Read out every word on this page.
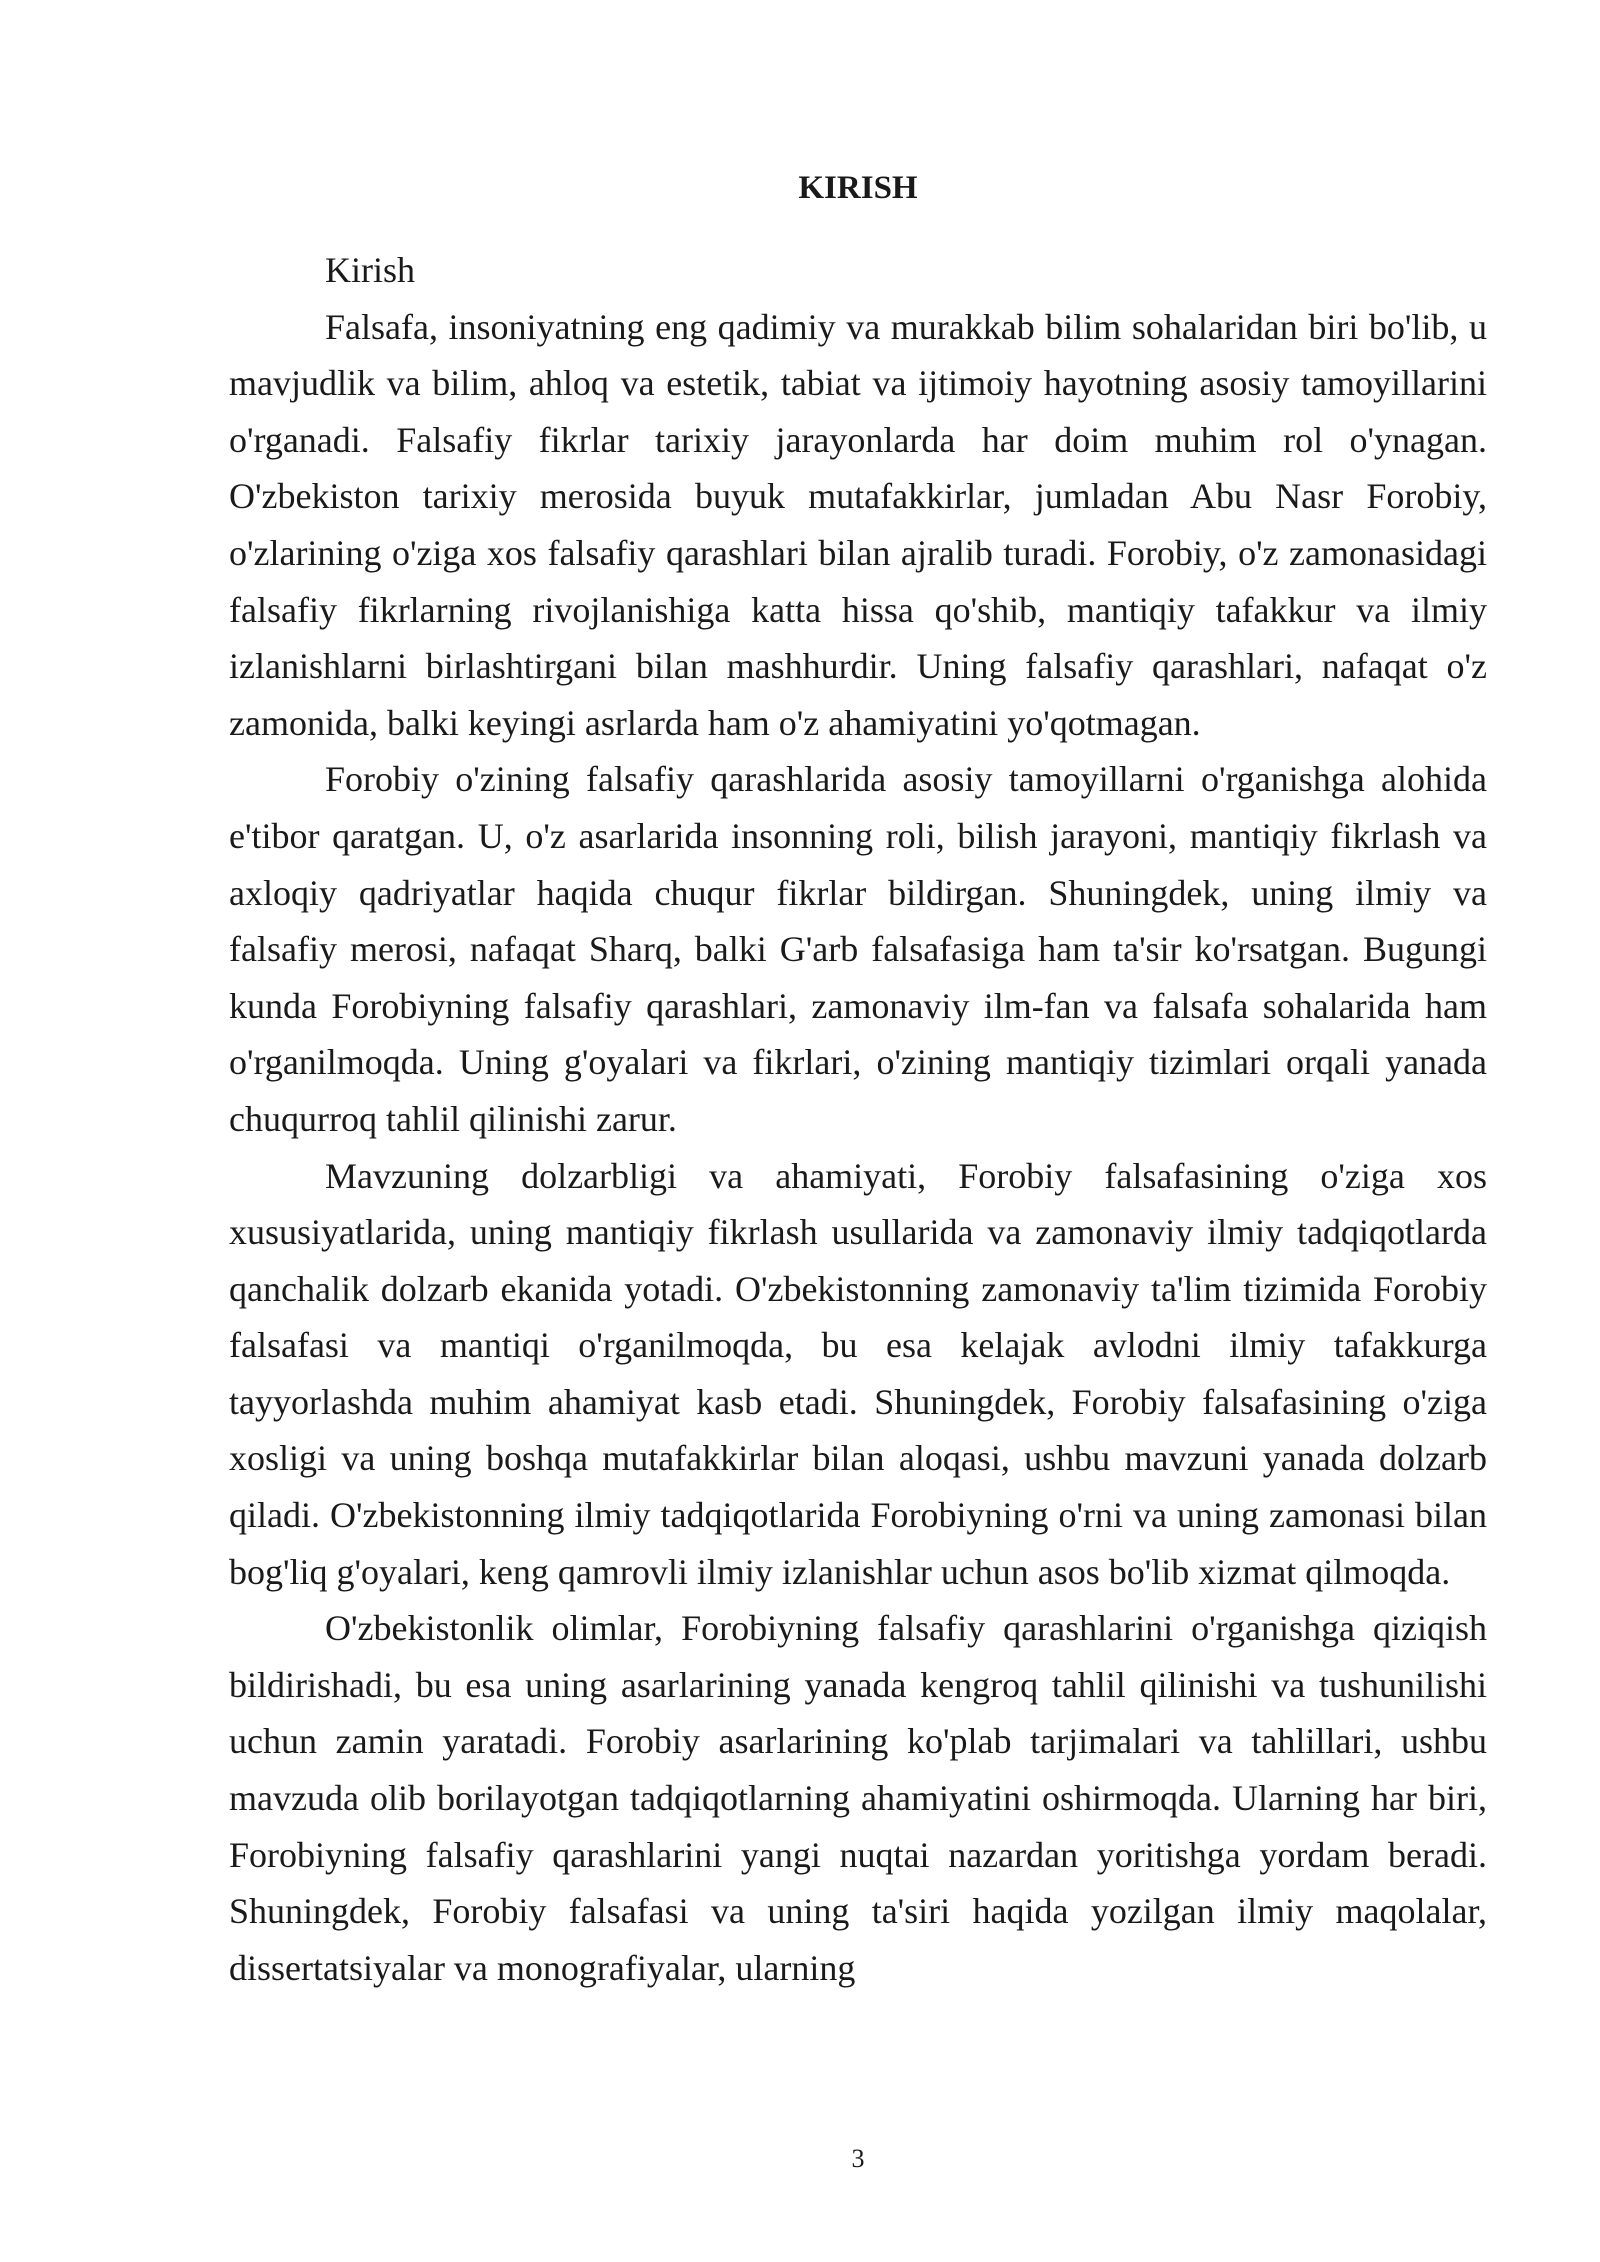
KIRISH
Kirish

Falsafa, insoniyatning eng qadimiy va murakkab bilim sohalaridan biri bo'lib, u mavjudlik va bilim, ahloq va estetik, tabiat va ijtimoiy hayotning asosiy tamoyillarini o'rganadi. Falsafiy fikrlar tarixiy jarayonlarda har doim muhim rol o'ynagan. O'zbekiston tarixiy merosida buyuk mutafakkirlar, jumladan Abu Nasr Forobiy, o'zlarining o'ziga xos falsafiy qarashlari bilan ajralib turadi. Forobiy, o'z zamonasidagi falsafiy fikrlarning rivojlanishiga katta hissa qo'shib, mantiqiy tafakkur va ilmiy izlanishlarni birlashtirgani bilan mashhurdir. Uning falsafiy qarashlari, nafaqat o'z zamonida, balki keyingi asrlarda ham o'z ahamiyatini yo'qotmagan.

Forobiy o'zining falsafiy qarashlarida asosiy tamoyillarni o'rganishga alohida e'tibor qaratgan. U, o'z asarlarida insonning roli, bilish jarayoni, mantiqiy fikrlash va axloqiy qadriyatlar haqida chuqur fikrlar bildirgan. Shuningdek, uning ilmiy va falsafiy merosi, nafaqat Sharq, balki G'arb falsafasiga ham ta'sir ko'rsatgan. Bugungi kunda Forobiyning falsafiy qarashlari, zamonaviy ilm-fan va falsafa sohalarida ham o'rganilmoqda. Uning g'oyalari va fikrlari, o'zining mantiqiy tizimlari orqali yanada chuqurroq tahlil qilinishi zarur.

Mavzuning dolzarbligi va ahamiyati, Forobiy falsafasining o'ziga xos xususiyatlarida, uning mantiqiy fikrlash usullarida va zamonaviy ilmiy tadqiqotlarda qanchalik dolzarb ekanida yotadi. O'zbekistonning zamonaviy ta'lim tizimida Forobiy falsafasi va mantiqi o'rganilmoqda, bu esa kelajak avlodni ilmiy tafakkurga tayyorlashda muhim ahamiyat kasb etadi. Shuningdek, Forobiy falsafasining o'ziga xosligi va uning boshqa mutafakkirlar bilan aloqasi, ushbu mavzuni yanada dolzarb qiladi. O'zbekistonning ilmiy tadqiqotlarida Forobiyning o'rni va uning zamonasi bilan bog'liq g'oyalari, keng qamrovli ilmiy izlanishlar uchun asos bo'lib xizmat qilmoqda.

O'zbekistonlik olimlar, Forobiyning falsafiy qarashlarini o'rganishga qiziqish bildirishadi, bu esa uning asarlarining yanada kengroq tahlil qilinishi va tushunilishi uchun zamin yaratadi. Forobiy asarlarining ko'plab tarjimalari va tahlillari, ushbu mavzuda olib borilayotgan tadqiqotlarning ahamiyatini oshirmoqda. Ularning har biri, Forobiyning falsafiy qarashlarini yangi nuqtai nazardan yoritishga yordam beradi. Shuningdek, Forobiy falsafasi va uning ta'siri haqida yozilgan ilmiy maqolalar, dissertatsiyalar va monografiyalar, ularning

3
